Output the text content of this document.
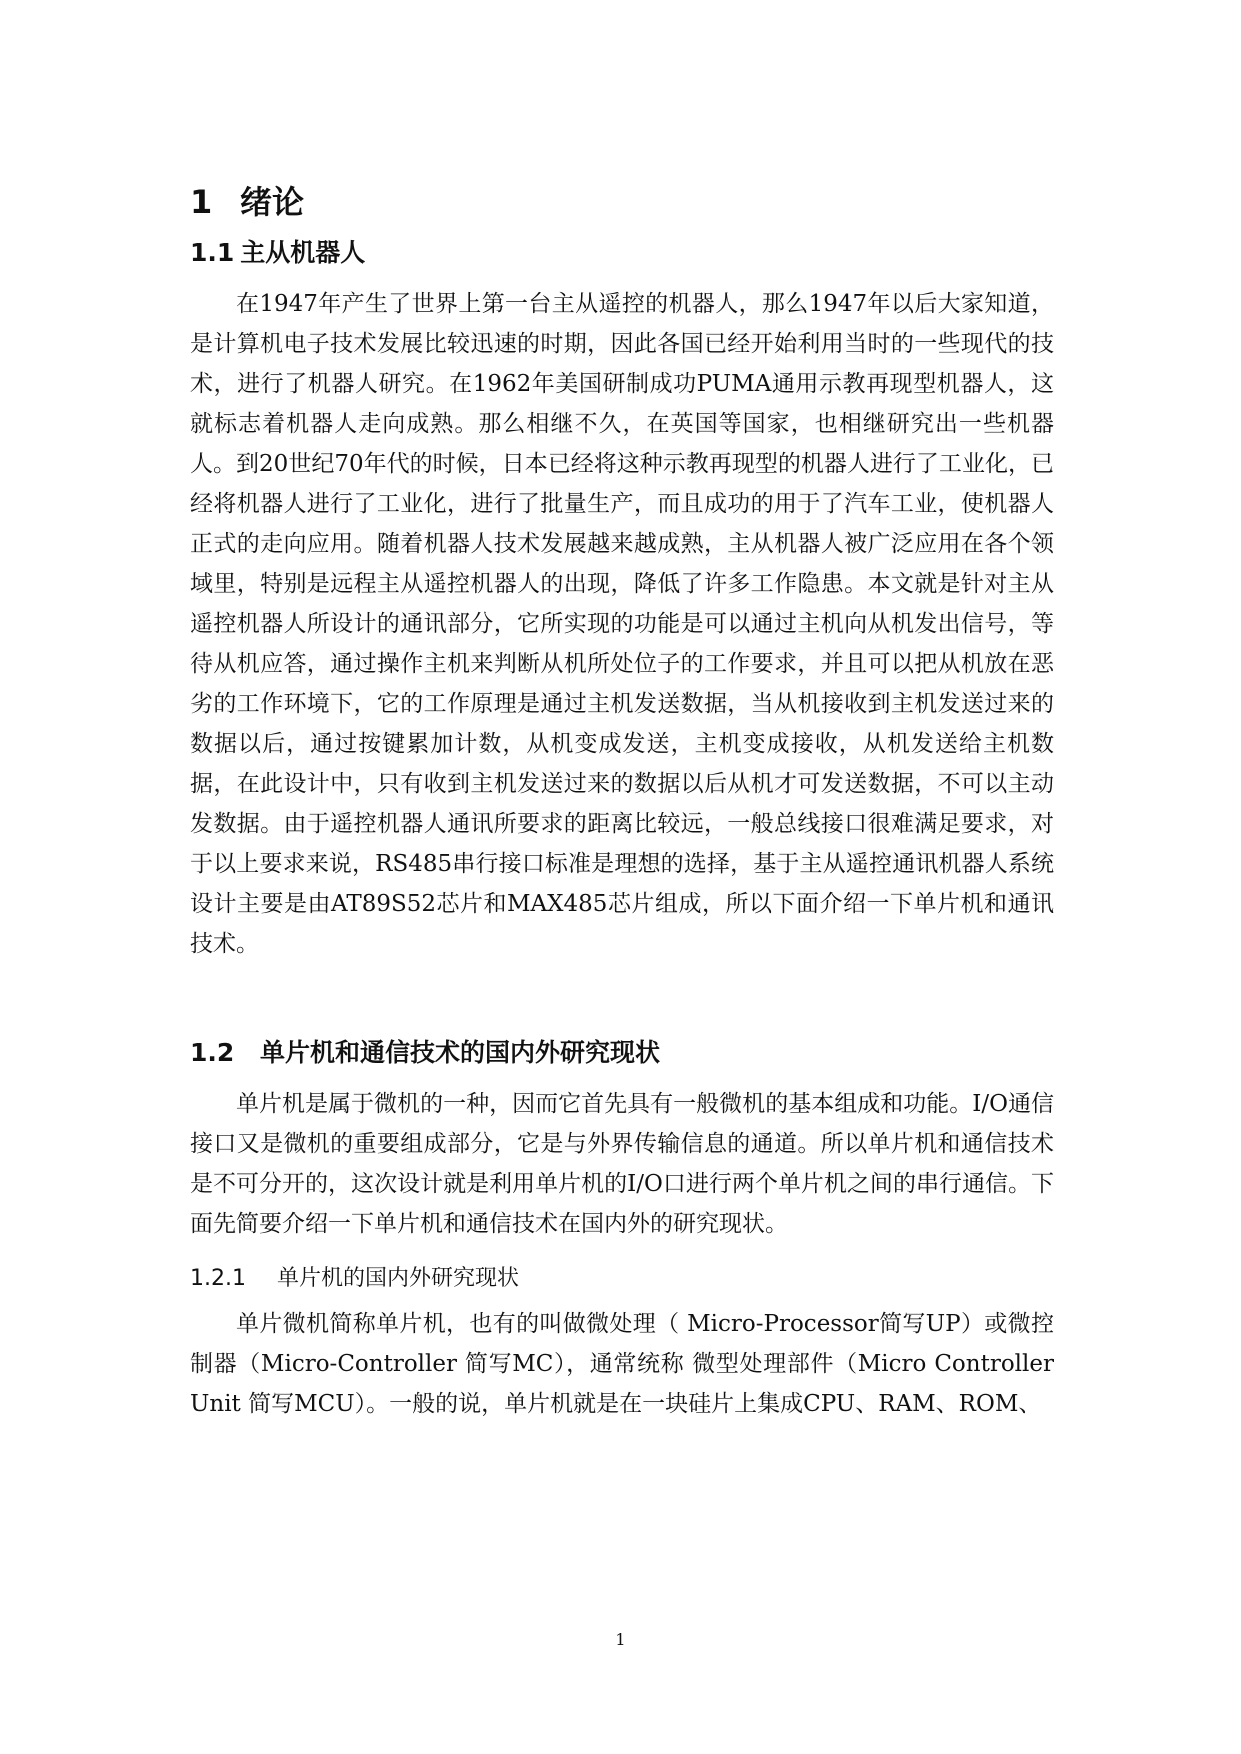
1 绪论
1.1 主从机器人

在1947年产生了世界上第一台主从遥控的机器人，那么1947年以后大家知道，是计算机电子技术发展比较迅速的时期，因此各国已经开始利用当时的一些现代的技术，进行了机器人研究。在1962年美国研制成功PUMA通用示教再现型机器人，这就标志着机器人走向成熟。那么相继不久，在英国等国家，也相继研究出一些机器人。到20世纪70年代的时候，日本已经将这种示教再现型的机器人进行了工业化，已经将机器人进行了工业化，进行了批量生产，而且成功的用于了汽车工业，使机器人正式的走向应用。随着机器人技术发展越来越成熟，主从机器人被广泛应用在各个领域里，特别是远程主从遥控机器人的出现，降低了许多工作隐患。本文就是针对主从遥控机器人所设计的通讯部分，它所实现的功能是可以通过主机向从机发出信号，等待从机应答，通过操作主机来判断从机所处位子的工作要求，并且可以把从机放在恶劣的工作环境下，它的工作原理是通过主机发送数据，当从机接收到主机发送过来的数据以后，通过按键累加计数，从机变成发送，主机变成接收，从机发送给主机数据，在此设计中，只有收到主机发送过来的数据以后从机才可发送数据，不可以主动发数据。由于遥控机器人通讯所要求的距离比较远，一般总线接口很难满足要求，对于以上要求来说，RS485串行接口标准是理想的选择，基于主从遥控通讯机器人系统设计主要是由AT89S52芯片和MAX485芯片组成，所以下面介绍一下单片机和通讯技术。

1.2 单片机和通信技术的国内外研究现状

单片机是属于微机的一种，因而它首先具有一般微机的基本组成和功能。I/O通信接口又是微机的重要组成部分，它是与外界传输信息的通道。所以单片机和通信技术是不可分开的，这次设计就是利用单片机的I/O口进行两个单片机之间的串行通信。下面先简要介绍一下单片机和通信技术在国内外的研究现状。

1.2.1 单片机的国内外研究现状

单片微机简称单片机，也有的叫做微处理（ Micro-Processor简写UP）或微控制器（Micro-Controller 简写MC），通常统称 微型处理部件（Micro Controller Unit 简写MCU）。一般的说，单片机就是在一块硅片上集成CPU、RAM、ROM、

1
